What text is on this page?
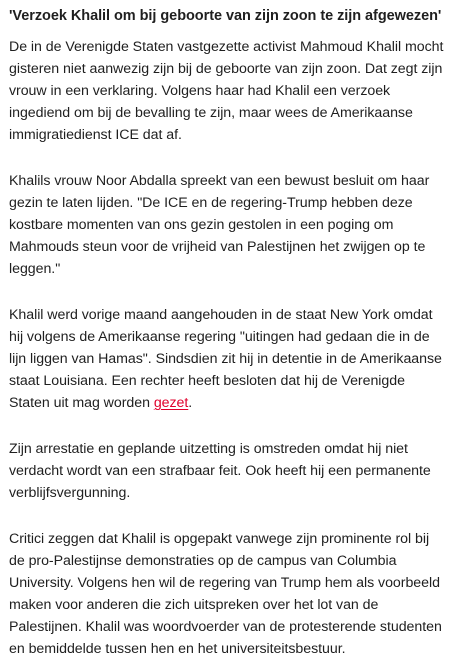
'Verzoek Khalil om bij geboorte van zijn zoon te zijn afgewezen'

De in de Verenigde Staten vastgezette activist Mahmoud Khalil mocht gisteren niet aanwezig zijn bij de geboorte van zijn zoon. Dat zegt zijn vrouw in een verklaring. Volgens haar had Khalil een verzoek ingediend om bij de bevalling te zijn, maar wees de Amerikaanse immigratiedienst ICE dat af.

Khalils vrouw Noor Abdalla spreekt van een bewust besluit om haar gezin te laten lijden. "De ICE en de regering-Trump hebben deze kostbare momenten van ons gezin gestolen in een poging om Mahmouds steun voor de vrijheid van Palestijnen het zwijgen op te leggen."

Khalil werd vorige maand aangehouden in de staat New York omdat hij volgens de Amerikaanse regering "uitingen had gedaan die in de lijn liggen van Hamas". Sindsdien zit hij in detentie in de Amerikaanse staat Louisiana. Een rechter heeft besloten dat hij de Verenigde Staten uit mag worden gezet.

Zijn arrestatie en geplande uitzetting is omstreden omdat hij niet verdacht wordt van een strafbaar feit. Ook heeft hij een permanente verblijfsvergunning.

Critici zeggen dat Khalil is opgepakt vanwege zijn prominente rol bij de pro-Palestijnse demonstraties op de campus van Columbia University. Volgens hen wil de regering van Trump hem als voorbeeld maken voor anderen die zich uitspreken over het lot van de Palestijnen. Khalil was woordvoerder van de protesterende studenten en bemiddelde tussen hen en het universiteitsbestuur.
